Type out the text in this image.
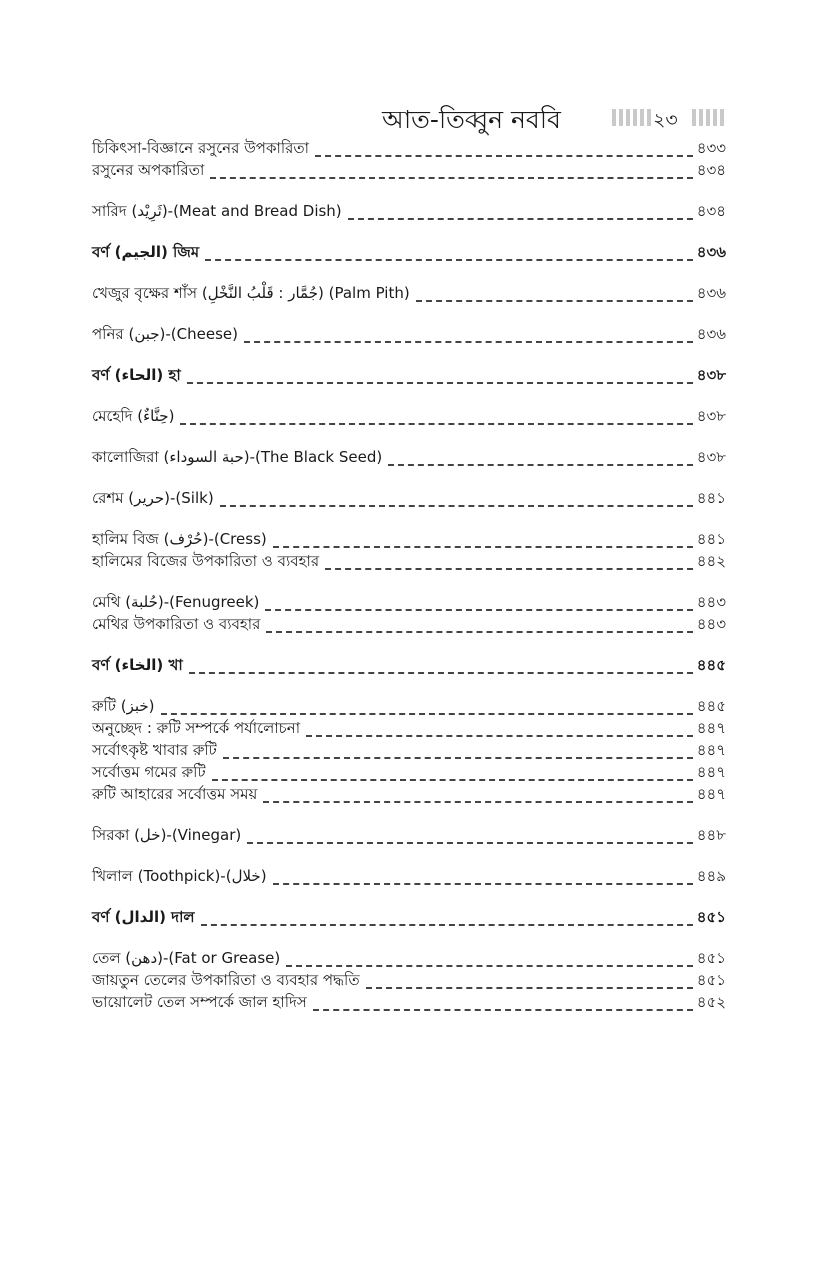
আত-তিব্বুন নববি	২৩
চিকিৎসা-বিজ্ঞানে রসুনের উপকারিতা	৪৩৩
রসুনের অপকারিতা	৪৩৪
সারিদ (ثَرِيْد)-(Meat and Bread Dish)	৪৩৪
বর্ণ (الجيم) জিম	৪৩৬
খেজুর বৃক্ষের শাঁস (جُمَّار : قَلْبُ النَّخْلِ) (Palm Pith)	৪৩৬
পনির (جبن)-(Cheese)	৪৩৬
বর্ণ (الحاء) হা	৪৩৮
মেহেদি (حِنَّاءٌ)	৪৩৮
কালোজিরা (حبة السوداء)-(The Black Seed)	৪৩৮
রেশম (حرير)-(Silk)	৪৪১
হালিম বিজ (حُرْف)-(Cress)	৪৪১
হালিমের বিজের উপকারিতা ও ব্যবহার	৪৪২
মেথি (حُلبة)-(Fenugreek)	৪৪৩
মেথির উপকারিতা ও ব্যবহার	৪৪৩
বর্ণ (الخاء) খা	৪৪৫
রুটি (خبز)	৪৪৫
অনুচ্ছেদ : রুটি সম্পর্কে পর্যালোচনা	৪৪৭
সর্বোৎকৃষ্ট খাবার রুটি	৪৪৭
সর্বোত্তম গমের রুটি	৪৪৭
রুটি আহারের সর্বোত্তম সময়	৪৪৭
সিরকা (خل)-(Vinegar)	৪৪৮
খিলাল (Toothpick)-(خلال)	৪৪৯
বর্ণ (الدال) দাল	৪৫১
তেল (دهن)-(Fat or Grease)	৪৫১
জায়তুন তেলের উপকারিতা ও ব্যবহার পদ্ধতি	৪৫১
ভায়োলেট তেল সম্পর্কে জাল হাদিস	৪৫২
